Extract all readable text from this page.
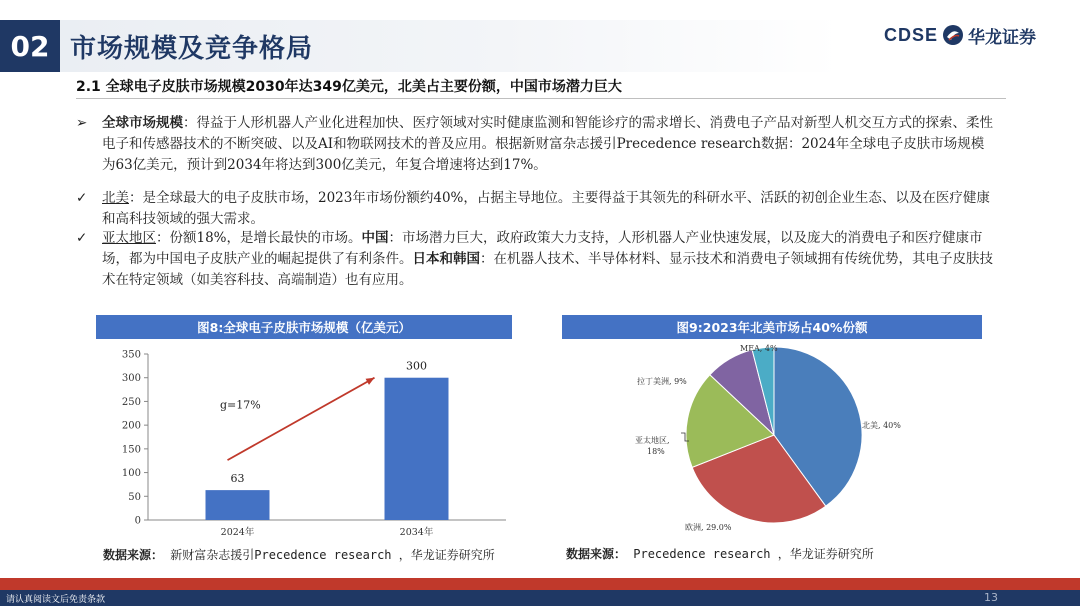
02 市场规模及竞争格局	CDSE 华龙证券
2.1 全球电子皮肤市场规模2030年达349亿美元，北美占主要份额，中国市场潜力巨大
➢	全球市场规模：得益于人形机器人产业化进程加快、医疗领域对实时健康监测和智能诊疗的需求增长、消费电子产品对新型人机交互方式的探索、柔性电子和传感器技术的不断突破、以及AI和物联网技术的普及应用。根据新财富杂志援引Precedence research数据：2024年全球电子皮肤市场规模为63亿美元，预计到2034年将达到300亿美元，年复合增速将达到17%。
✓	北美：是全球最大的电子皮肤市场，2023年市场份额约40%，占据主导地位。主要得益于其领先的科研水平、活跃的初创企业生态、以及在医疗健康和高科技领域的强大需求。
✓	亚太地区：份额18%，是增长最快的市场。中国：市场潜力巨大，政府政策大力支持，人形机器人产业快速发展，以及庞大的消费电子和医疗健康市场，都为中国电子皮肤产业的崛起提供了有利条件。日本和韩国：在机器人技术、半导体材料、显示技术和消费电子领域拥有传统优势，其电子皮肤技术在特定领域（如美容科技、高端制造）也有应用。
图8:全球电子皮肤市场规模（亿美元）
0
50
100
150
200
250
300
350
63
2024年
300
2034年
g=17%
数据来源： 新财富杂志援引Precedence research ，华龙证券研究所
图9:2023年北美市场占40%份额
北美, 40%
欧洲, 29.0%
亚太地区,
18%
拉丁美洲, 9%
MEA, 4%
数据来源： Precedence research ，华龙证券研究所
请认真阅读文后免责条款	13
